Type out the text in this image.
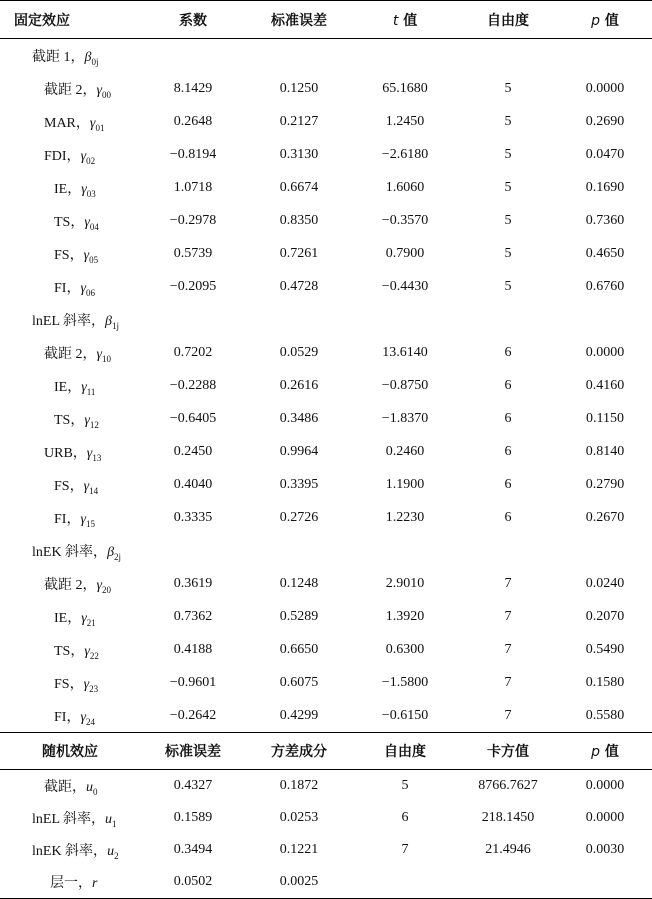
固定效应	系数	标准误差	t 值	自由度	p 值
截距 1，$\beta_{0j}$					
截距 2，$\gamma_{00}$	8.1429	0.1250	65.1680	5	0.0000
MAR，$\gamma_{01}$	0.2648	0.2127	1.2450	5	0.2690
FDI，$\gamma_{02}$	−0.8194	0.3130	−2.6180	5	0.0470
IE，$\gamma_{03}$	1.0718	0.6674	1.6060	5	0.1690
TS，$\gamma_{04}$	−0.2978	0.8350	−0.3570	5	0.7360
FS，$\gamma_{05}$	0.5739	0.7261	0.7900	5	0.4650
FI，$\gamma_{06}$	−0.2095	0.4728	−0.4430	5	0.6760
lnEL 斜率，$\beta_{1j}$					
截距 2，$\gamma_{10}$	0.7202	0.0529	13.6140	6	0.0000
IE，$\gamma_{11}$	−0.2288	0.2616	−0.8750	6	0.4160
TS，$\gamma_{12}$	−0.6405	0.3486	−1.8370	6	0.1150
URB，$\gamma_{13}$	0.2450	0.9964	0.2460	6	0.8140
FS，$\gamma_{14}$	0.4040	0.3395	1.1900	6	0.2790
FI，$\gamma_{15}$	0.3335	0.2726	1.2230	6	0.2670
lnEK 斜率，$\beta_{2j}$					
截距 2，$\gamma_{20}$	0.3619	0.1248	2.9010	7	0.0240
IE，$\gamma_{21}$	0.7362	0.5289	1.3920	7	0.2070
TS，$\gamma_{22}$	0.4188	0.6650	0.6300	7	0.5490
FS，$\gamma_{23}$	−0.9601	0.6075	−1.5800	7	0.1580
FI，$\gamma_{24}$	−0.2642	0.4299	−0.6150	7	0.5580
随机效应	标准误差	方差成分	自由度	卡方值	p 值
截距，$u_0$	0.4327	0.1872	5	8766.7627	0.0000
lnEL 斜率，$u_1$	0.1589	0.0253	6	218.1450	0.0000
lnEK 斜率，$u_2$	0.3494	0.1221	7	21.4946	0.0030
层一，r	0.0502	0.0025			
